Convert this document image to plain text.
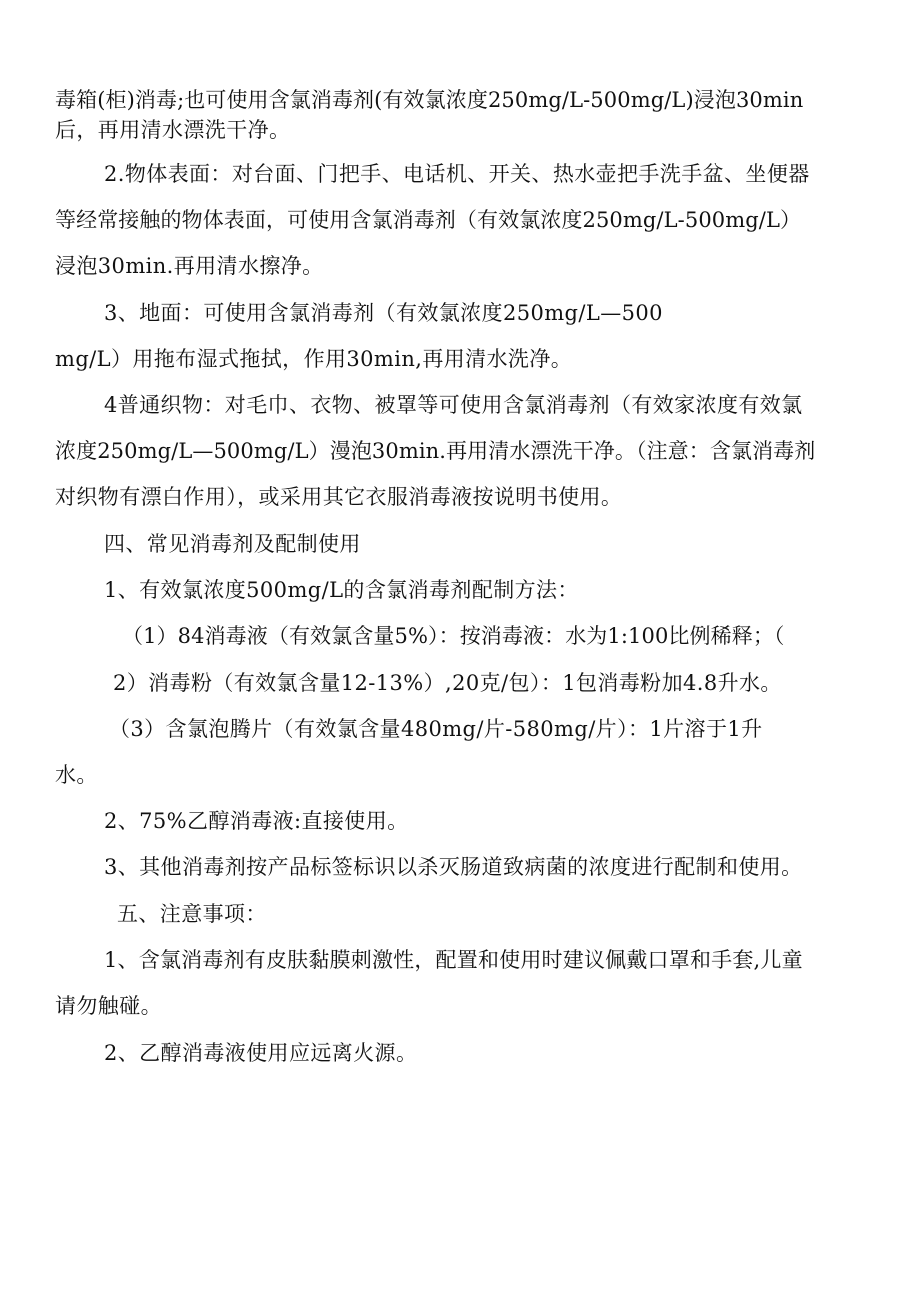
毒箱(柜)消毒;也可使用含氯消毒剂(有效氯浓度250mg/L-500mg/L)浸泡30min
后，再用清水漂洗干净。
2.物体表面：对台面、门把手、电话机、开关、热水壶把手洗手盆、坐便器
等经常接触的物体表面，可使用含氯消毒剂（有效氯浓度250mg/L-500mg/L）
浸泡30min.再用清水擦净。
3、地面：可使用含氯消毒剂（有效氯浓度250mg/L—500
mg/L）用拖布湿式拖拭，作用30min,再用清水洗净。
4普通织物：对毛巾、衣物、被罩等可使用含氯消毒剂（有效家浓度有效氯
浓度250mg/L—500mg/L）漫泡30min.再用清水漂洗干净。（注意：含氯消毒剂
对织物有漂白作用），或采用其它衣服消毒液按说明书使用。
四、常见消毒剂及配制使用
1、有效氯浓度500mg/L的含氯消毒剂配制方法：
（1）84消毒液（有效氯含量5%）：按消毒液：水为1:100比例稀释；（
2）消毒粉（有效氯含量12-13%）,20克/包）：1包消毒粉加4.8升水。
（3）含氯泡腾片（有效氯含量480mg/片-580mg/片）：1片溶于1升
水。
2、75%乙醇消毒液:直接使用。
3、其他消毒剂按产品标签标识以杀灭肠道致病菌的浓度进行配制和使用。
五、注意事项：
1、含氯消毒剂有皮肤黏膜刺激性，配置和使用时建议佩戴口罩和手套,儿童
请勿触碰。
2、乙醇消毒液使用应远离火源。
